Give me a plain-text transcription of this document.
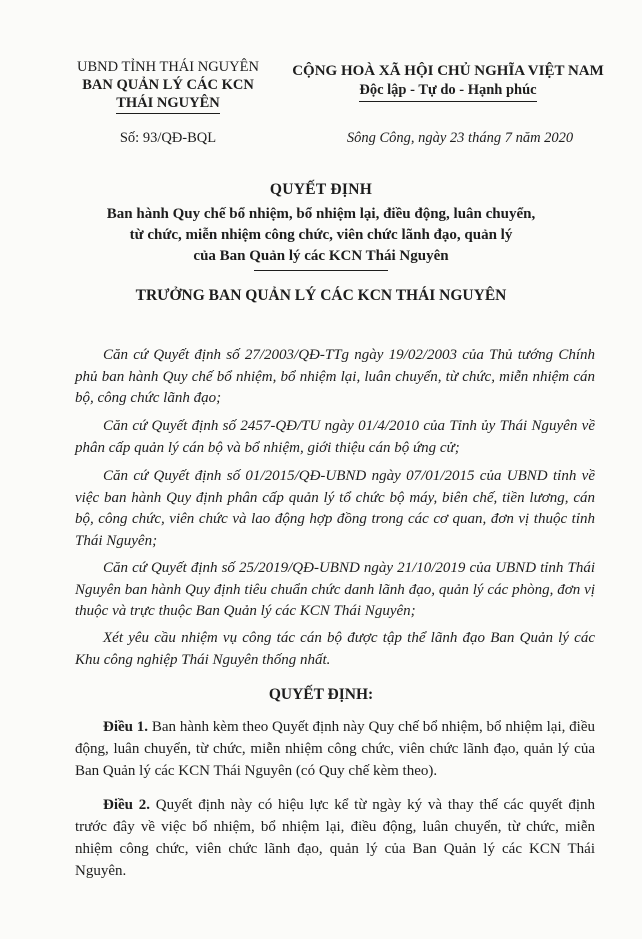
UBND TỈNH THÁI NGUYÊN
BAN QUẢN LÝ CÁC KCN
THÁI NGUYÊN
CỘNG HOÀ XÃ HỘI CHỦ NGHĨA VIỆT NAM
Độc lập - Tự do - Hạnh phúc
Số: 93/QĐ-BQL	Sông Công, ngày 23 tháng 7 năm 2020
QUYẾT ĐỊNH
Ban hành Quy chế bổ nhiệm, bổ nhiệm lại, điều động, luân chuyển,
từ chức, miễn nhiệm công chức, viên chức lãnh đạo, quản lý
của Ban Quản lý các KCN Thái Nguyên
TRƯỞNG BAN QUẢN LÝ CÁC KCN THÁI NGUYÊN
Căn cứ Quyết định số 27/2003/QĐ-TTg ngày 19/02/2003 của Thủ tướng Chính phủ ban hành Quy chế bổ nhiệm, bổ nhiệm lại, luân chuyển, từ chức, miễn nhiệm cán bộ, công chức lãnh đạo;
Căn cứ Quyết định số 2457-QĐ/TU ngày 01/4/2010 của Tỉnh ủy Thái Nguyên về phân cấp quản lý cán bộ và bổ nhiệm, giới thiệu cán bộ ứng cử;
Căn cứ Quyết định số 01/2015/QĐ-UBND ngày 07/01/2015 của UBND tỉnh về việc ban hành Quy định phân cấp quản lý tổ chức bộ máy, biên chế, tiền lương, cán bộ, công chức, viên chức và lao động hợp đồng trong các cơ quan, đơn vị thuộc tỉnh Thái Nguyên;
Căn cứ Quyết định số 25/2019/QĐ-UBND ngày 21/10/2019 của UBND tỉnh Thái Nguyên ban hành Quy định tiêu chuẩn chức danh lãnh đạo, quản lý các phòng, đơn vị thuộc và trực thuộc Ban Quản lý các KCN Thái Nguyên;
Xét yêu cầu nhiệm vụ công tác cán bộ được tập thể lãnh đạo Ban Quản lý các Khu công nghiệp Thái Nguyên thống nhất.
QUYẾT ĐỊNH:
Điều 1. Ban hành kèm theo Quyết định này Quy chế bổ nhiệm, bổ nhiệm lại, điều động, luân chuyển, từ chức, miễn nhiệm công chức, viên chức lãnh đạo, quản lý của Ban Quản lý các KCN Thái Nguyên (có Quy chế kèm theo).
Điều 2. Quyết định này có hiệu lực kể từ ngày ký và thay thế các quyết định trước đây về việc bổ nhiệm, bổ nhiệm lại, điều động, luân chuyển, từ chức, miễn nhiệm công chức, viên chức lãnh đạo, quản lý của Ban Quản lý các KCN Thái Nguyên.
